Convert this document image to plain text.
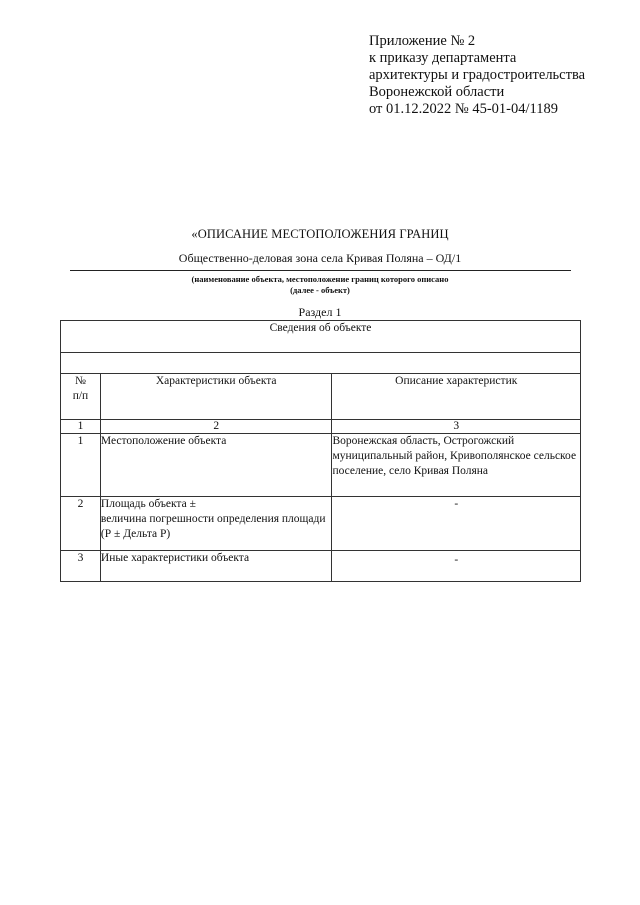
Приложение № 2
к приказу департамента
архитектуры и градостроительства
Воронежской области
от 01.12.2022 № 45-01-04/1189
«ОПИСАНИЕ МЕСТОПОЛОЖЕНИЯ ГРАНИЦ
Общественно-деловая зона села Кривая Поляна – ОД/1
(наименование объекта, местоположение границ которого описано
(далее - объект)
Раздел 1
Сведения об объекте		

№
п/п	Характеристики объекта	Описание характеристик
1	2	3
1	Местоположение объекта	Воронежская область, Острогожский муниципальный район, Кривополянское сельское поселение, село Кривая Поляна
2	Площадь объекта ±
величина погрешности определения площади (Р ± Дельта Р)	-
3	Иные характеристики объекта	-
